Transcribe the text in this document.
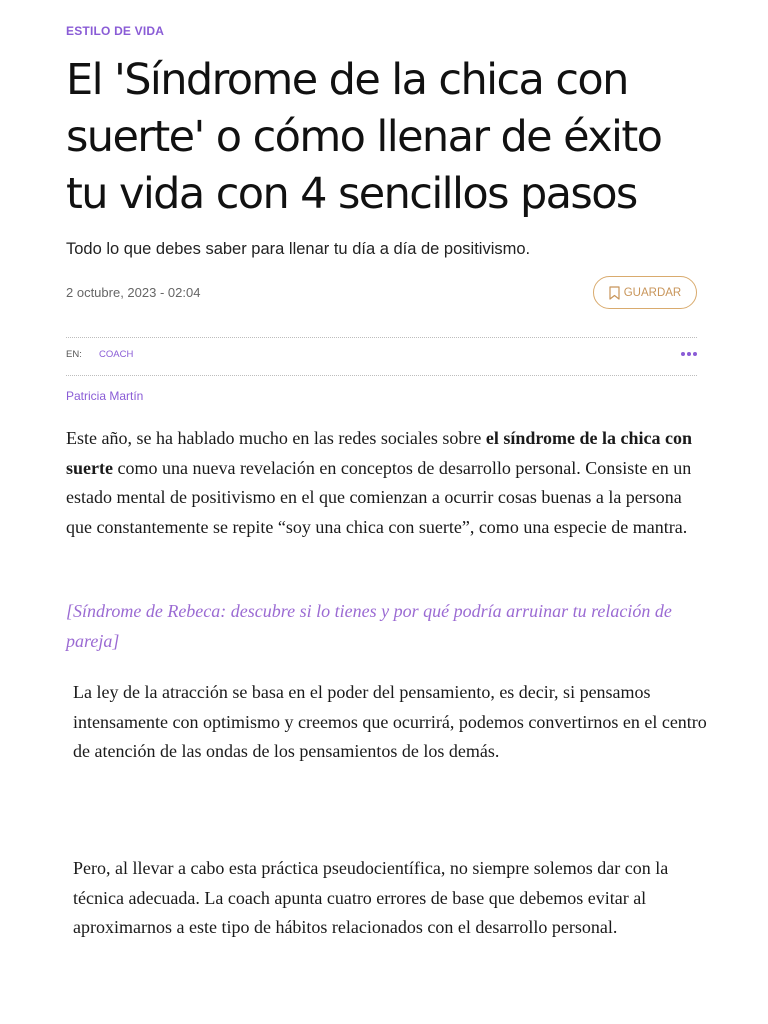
ESTILO DE VIDA
El 'Síndrome de la chica con suerte' o cómo llenar de éxito tu vida con 4 sencillos pasos

Todo lo que debes saber para llenar tu día a día de positivismo.

2 octubre, 2023 - 02:04	GUARDAR
EN: COACH
Patricia Martín

Este año, se ha hablado mucho en las redes sociales sobre el síndrome de la chica con suerte como una nueva revelación en conceptos de desarrollo personal. Consiste en un estado mental de positivismo en el que comienzan a ocurrir cosas buenas a la persona que constantemente se repite “soy una chica con suerte”, como una especie de mantra.

[Síndrome de Rebeca: descubre si lo tienes y por qué podría arruinar tu relación de pareja]

La ley de la atracción se basa en el poder del pensamiento, es decir, si pensamos intensamente con optimismo y creemos que ocurrirá, podemos convertirnos en el centro de atención de las ondas de los pensamientos de los demás.

Pero, al llevar a cabo esta práctica pseudocientífica, no siempre solemos dar con la técnica adecuada. La coach apunta cuatro errores de base que debemos evitar al aproximarnos a este tipo de hábitos relacionados con el desarrollo personal.
